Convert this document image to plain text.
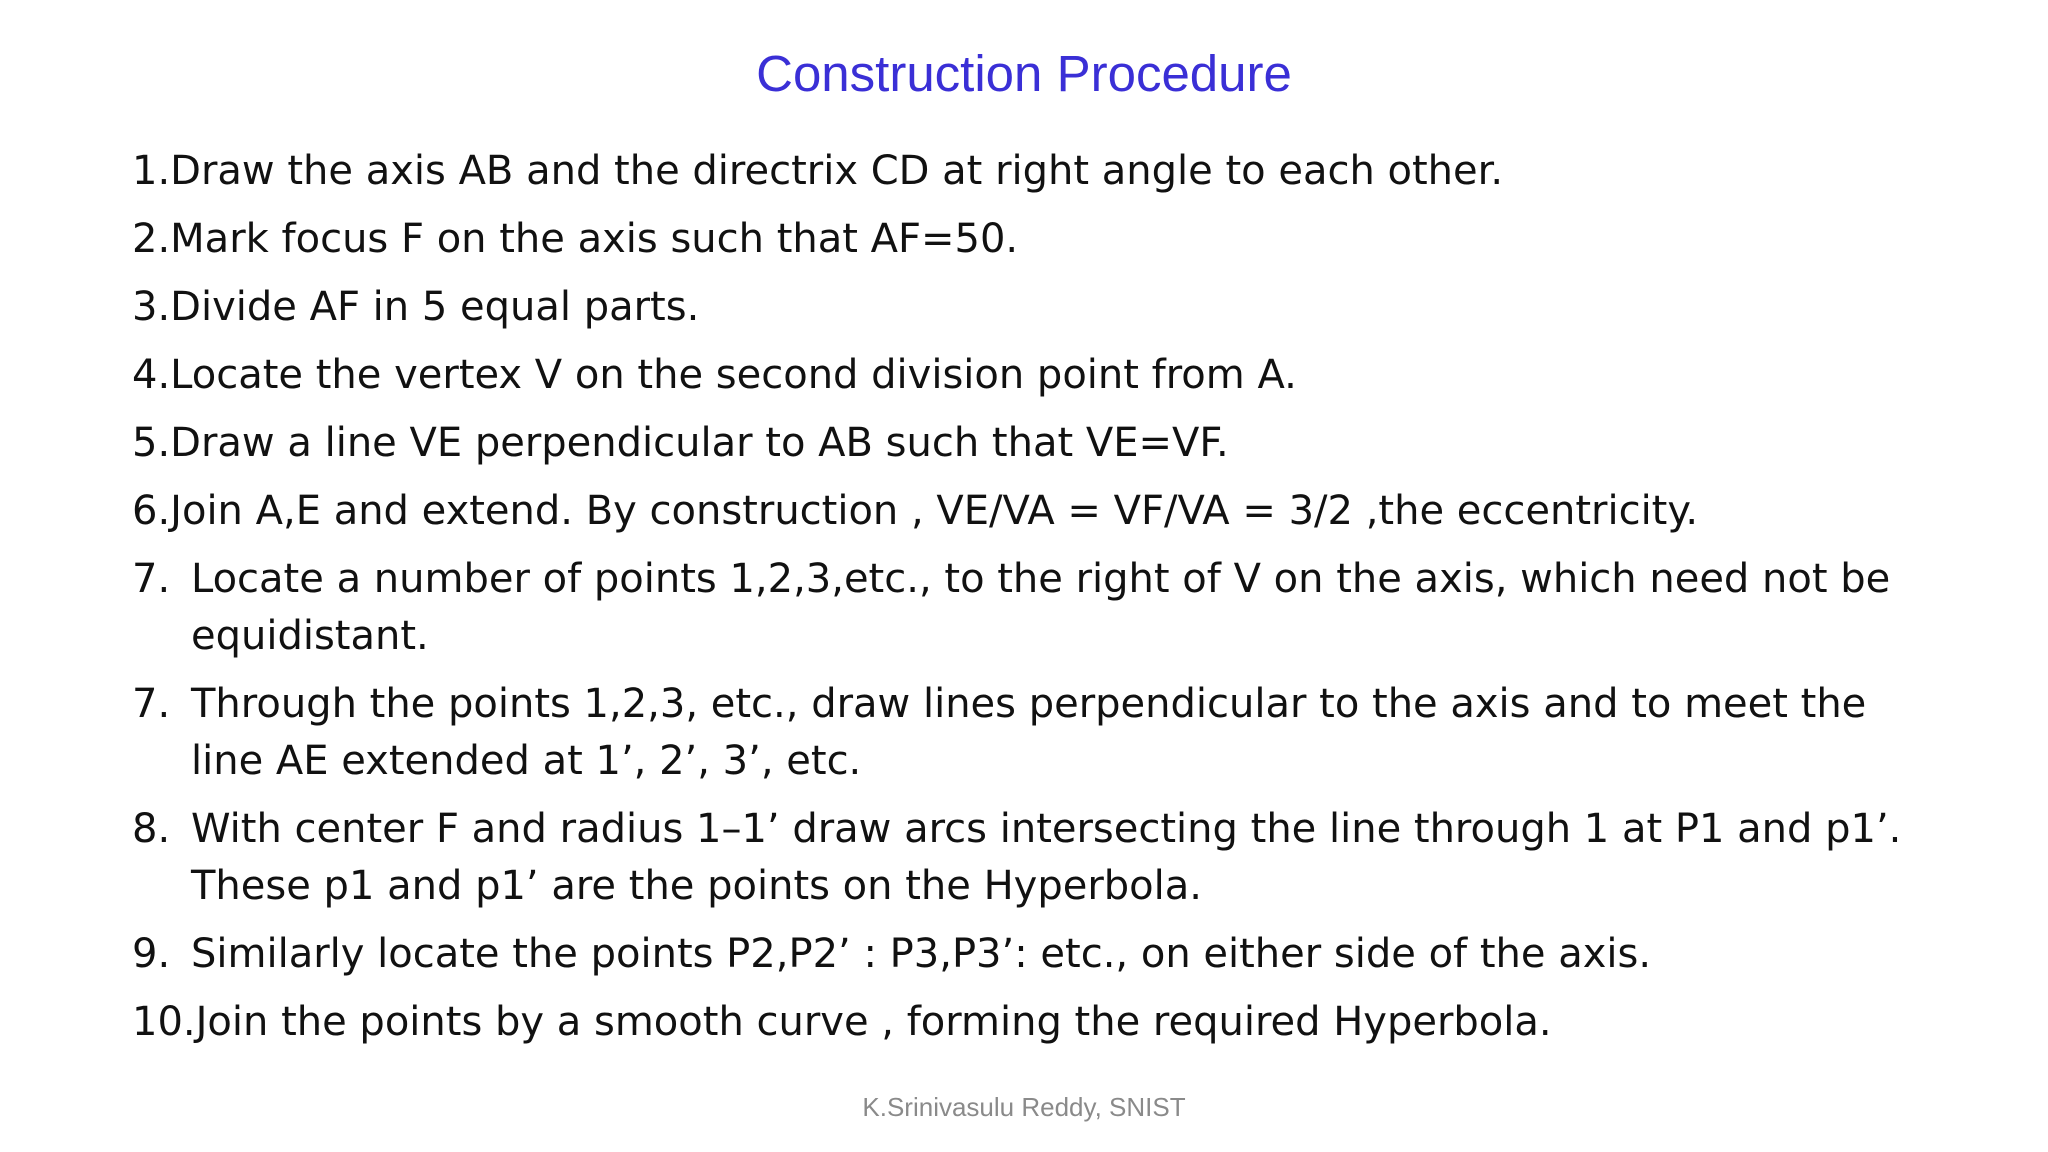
Construction Procedure
1. Draw the axis AB and the directrix CD at right angle to each other.
2. Mark focus F on the axis such that AF=50.
3. Divide AF in 5 equal parts.
4. Locate the vertex V on the second division point from A.
5. Draw a line VE perpendicular to AB such that VE=VF.
6. Join A,E and extend. By construction , VE/VA = VF/VA = 3/2 ,the eccentricity.
7. Locate a number of points 1,2,3,etc., to the right of V on the axis, which need not be equidistant.
7. Through the points 1,2,3, etc., draw lines perpendicular to the axis and to meet the line AE extended at 1’, 2’, 3’, etc.
8. With center F and radius 1–1’ draw arcs intersecting the line through 1 at P1 and p1’. These p1 and p1’ are the points on the Hyperbola.
9. Similarly locate the points P2,P2’ : P3,P3’: etc., on either side of the axis.
10. Join the points by a smooth curve , forming the required Hyperbola.
K.Srinivasulu Reddy, SNIST
